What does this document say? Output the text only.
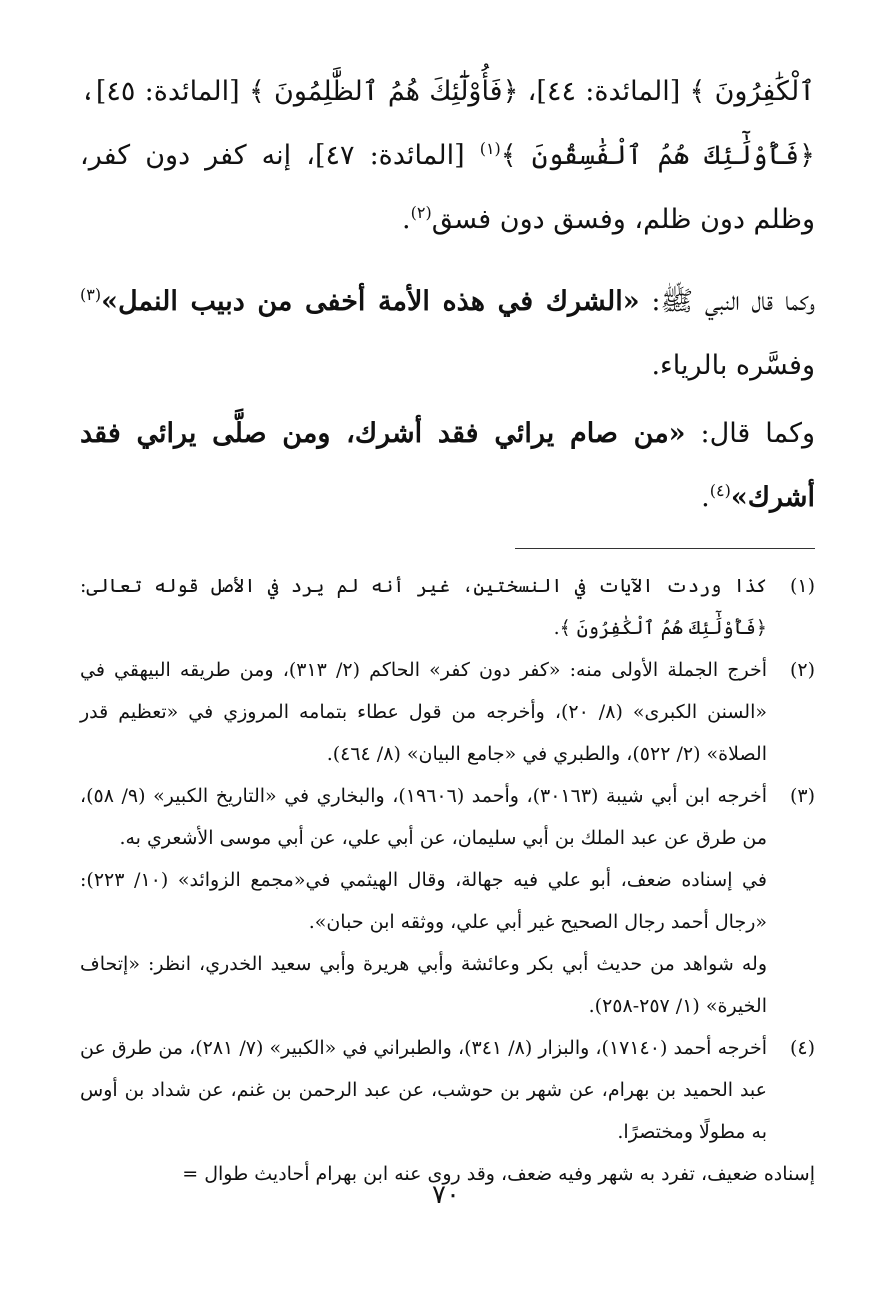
ٱلْكَٰفِرُونَ ﴾ [المائدة: ٤٤]، ﴿فَأُوْلَٰٓئِكَ هُمُ ٱلظَّٰلِمُونَ ﴾ [المائدة: ٤٥]، ﴿فَأُوْلَٰٓئِكَ هُمُ ٱلْفَٰسِقُونَ ﴾$^{(١)}$ [المائدة: ٤٧]، إنه كفر دون كفر، وظلم دون ظلم، وفسق دون فسق$^{(٢)}$.

وكما قال النبي ﷺ: «الشرك في هذه الأمة أخفى من دبيب النمل»$^{(٣)}$ وفسَّره بالرياء.

وكما قال: «من صام يرائي فقد أشرك، ومن صلَّى يرائي فقد أشرك»$^{(٤)}$.

(١)
كذا وردت الآيات في النسختين، غير أنه لم يرد في الأصل قوله تعالى: ﴿فَأُوْلَٰٓئِكَ هُمُ ٱلْكَٰفِرُونَ ﴾.
(٢)
أخرج الجملة الأولى منه: «كفر دون كفر» الحاكم (٢/ ٣١٣)، ومن طريقه البيهقي في «السنن الكبرى» (٨/ ٢٠)، وأخرجه من قول عطاء بتمامه المروزي في «تعظيم قدر الصلاة» (٢/ ٥٢٢)، والطبري في «جامع البيان» (٨/ ٤٦٤).
(٣)
أخرجه ابن أبي شيبة (٣٠١٦٣)، وأحمد (١٩٦٠٦)، والبخاري في «التاريخ الكبير» (٩/ ٥٨)، من طرق عن عبد الملك بن أبي سليمان، عن أبي علي، عن أبي موسى الأشعري به.

في إسناده ضعف، أبو علي فيه جهالة، وقال الهيثمي في«مجمع الزوائد» (١٠/ ٢٢٣): «رجال أحمد رجال الصحيح غير أبي علي، ووثقه ابن حبان».

وله شواهد من حديث أبي بكر وعائشة وأبي هريرة وأبي سعيد الخدري، انظر: «إتحاف الخيرة» (١/ ٢٥٧-٢٥٨).

(٤)
أخرجه أحمد (١٧١٤٠)، والبزار (٨/ ٣٤١)، والطبراني في «الكبير» (٧/ ٢٨١)، من طرق عن عبد الحميد بن بهرام، عن شهر بن حوشب، عن عبد الرحمن بن غنم، عن شداد بن أوس به مطولًا ومختصرًا.

إسناده ضعيف، تفرد به شهر وفيه ضعف، وقد روى عنه ابن بهرام أحاديث طوال =

٧٠
